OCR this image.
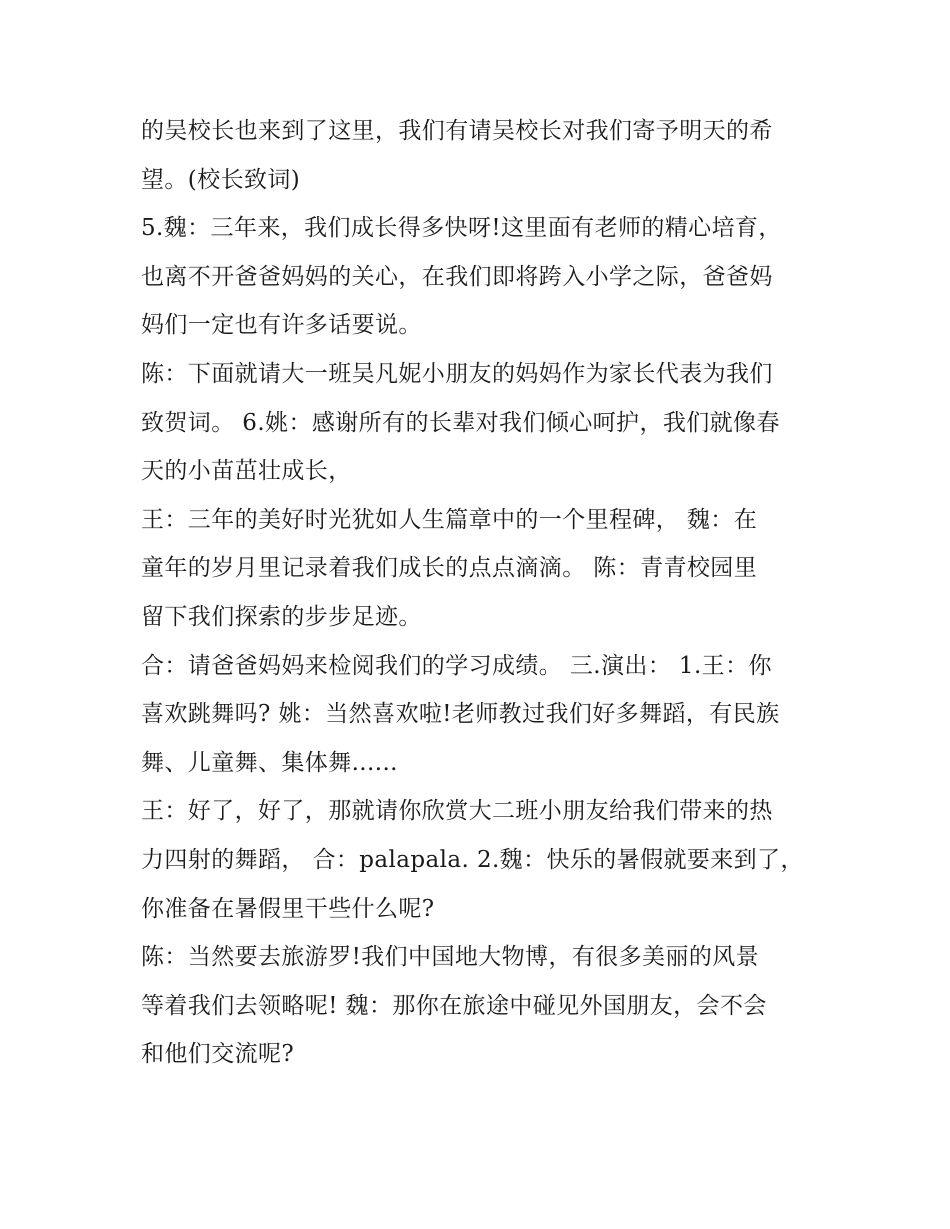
的吴校长也来到了这里，我们有请吴校长对我们寄予明天的希
望。(校长致词)
5.魏：三年来，我们成长得多快呀!这里面有老师的精心培育，
也离不开爸爸妈妈的关心，在我们即将跨入小学之际，爸爸妈
妈们一定也有许多话要说。
陈：下面就请大一班吴凡妮小朋友的妈妈作为家长代表为我们
致贺词。 6.姚：感谢所有的长辈对我们倾心呵护，我们就像春
天的小苗茁壮成长，
王：三年的美好时光犹如人生篇章中的一个里程碑， 魏：在
童年的岁月里记录着我们成长的点点滴滴。 陈：青青校园里
留下我们探索的步步足迹。
合：请爸爸妈妈来检阅我们的学习成绩。 三.演出： 1.王：你
喜欢跳舞吗? 姚：当然喜欢啦!老师教过我们好多舞蹈，有民族
舞、儿童舞、集体舞......
王：好了，好了，那就请你欣赏大二班小朋友给我们带来的热
力四射的舞蹈， 合：palapala. 2.魏：快乐的暑假就要来到了，
你准备在暑假里干些什么呢?
陈：当然要去旅游罗!我们中国地大物博，有很多美丽的风景
等着我们去领略呢! 魏：那你在旅途中碰见外国朋友，会不会
和他们交流呢?
